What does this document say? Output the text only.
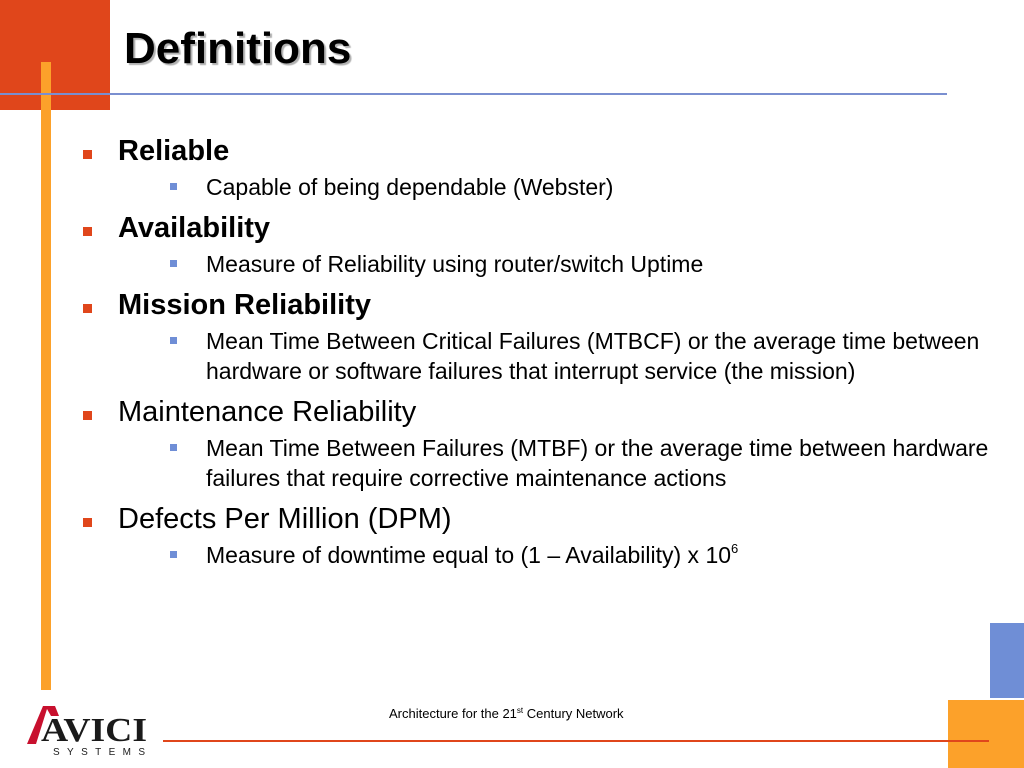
Definitions
Reliable
Capable of being dependable (Webster)
Availability
Measure of Reliability using router/switch Uptime
Mission Reliability
Mean Time Between Critical Failures (MTBCF) or the average time between hardware or software failures that interrupt service (the mission)
Maintenance Reliability
Mean Time Between Failures (MTBF) or the average time between hardware failures that require corrective maintenance actions
Defects Per Million (DPM)
Measure of downtime equal to (1 – Availability) x $10^6$
Architecture for the 21st Century Network
AVICI
SYSTEMS
